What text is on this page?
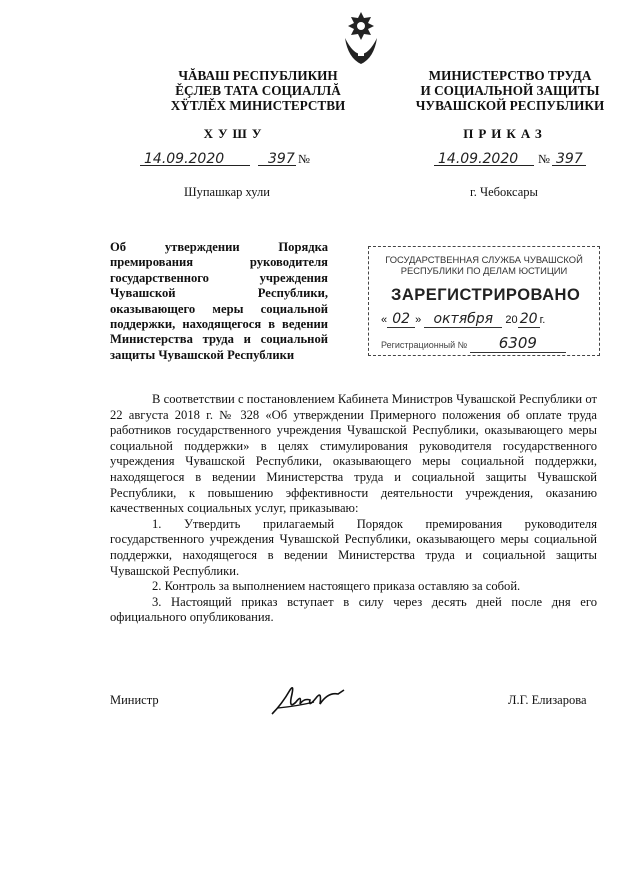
ЧĂВАШ РЕСПУБЛИКИН
ĚÇЛЕВ ТАТА СОЦИАЛЛĂ
ХŸТЛĚХ МИНИСТЕРСТВИ
ХУШУ
14.09.2020	397 №
Шупашкар хули
МИНИСТЕРСТВО ТРУДА
И СОЦИАЛЬНОЙ ЗАЩИТЫ
ЧУВАШСКОЙ РЕСПУБЛИКИ
ПРИКАЗ
14.09.2020	№ 397
г. Чебоксары
Об утверждении Порядка премирования руководителя государственного учреждения Чувашской Республики, оказывающего меры социальной поддержки, находящегося в ведении Министерства труда и социальной защиты Чувашской Республики
ГОСУДАРСТВЕННАЯ СЛУЖБА ЧУВАШСКОЙ
РЕСПУБЛИКИ ПО ДЕЛАМ ЮСТИЦИИ
ЗАРЕГИСТРИРОВАНО
« 02 » октября 20 20 г.
Регистрационный № 6309

В соответствии с постановлением Кабинета Министров Чувашской Республики от 22 августа 2018 г. № 328 «Об утверждении Примерного положения об оплате труда работников государственного учреждения Чувашской Республики, оказывающего меры социальной поддержки» в целях стимулирования руководителя государственного учреждения Чувашской Республики, оказывающего меры социальной поддержки, находящегося в ведении Министерства труда и социальной защиты Чувашской Республики, к повышению эффективности деятельности учреждения, оказанию качественных социальных услуг, приказываю:

1. Утвердить прилагаемый Порядок премирования руководителя государственного учреждения Чувашской Республики, оказывающего меры социальной поддержки, находящегося в ведении Министерства труда и социальной защиты Чувашской Республики.

2. Контроль за выполнением настоящего приказа оставляю за собой.

3. Настоящий приказ вступает в силу через десять дней после дня его официального опубликования.

Министр	Л.Г. Елизарова
